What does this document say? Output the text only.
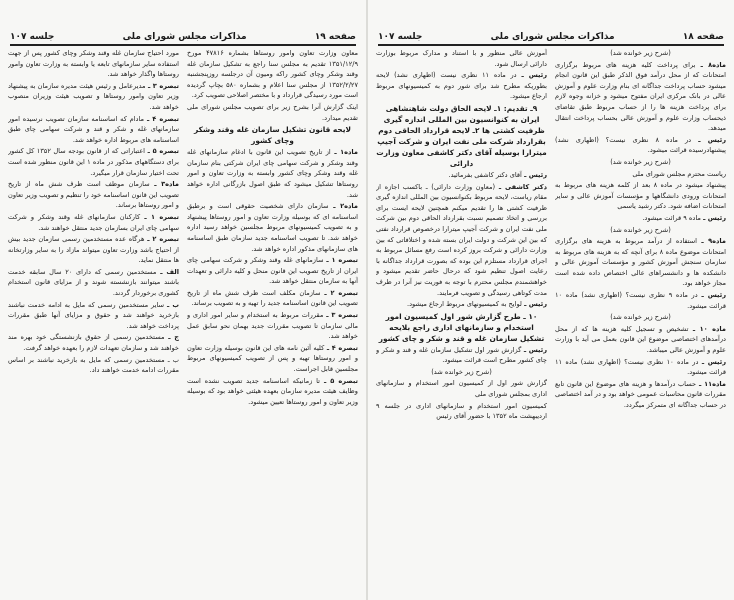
صفحه ۱۹
مذاکرات مجلس شورای ملی
جلسه ۱۰۷

معاون وزارت تعاون وامور روستاها بشماره ۴۷۸۱۶ مورخ ۱۳۵۱/۱۲/۹ تقدیم به مجلس سنا راجع به تشکیل سازمان غله وقند وشکر وچای کشور راکه ومیون آن درجلسه روزپنجشنبه ۱۳۵۲/۲/۲۷ از مجلس سنا اعلام و بشماره ۵۸۰ بچاپ گردیده است مورد رسیدگی قرارداد و با مختصر اصلاحی تصویب کرد.

اینک گزارش آنرا بشرح زیر برای تصویب مجلس شورای ملی تقدیم میدارد.

لایحه قانون تشکیل سازمان غله وقند وشکر وچای کشور

ماده۱ ـ از تاریخ تصویب این قانون با ادغام سازمانهای غله وقند وشکر و شرکت سهامی چای ایران شرکتی بنام سازمان غله وقند وشکر وچای کشور وابسته به وزارت تعاون و امور روستاها تشکیل میشود که طبق اصول بازرگانی اداره خواهد شد.

ماده۲ ـ سازمان دارای شخصیت حقوقی است و برطبق اساسنامه ای که بوسیله وزارت تعاون و امور روستاها پیشنهاد و به تصویب کمیسیونهای مربوط مجلسین خواهد رسید اداره خواهد شد. تا تصویب اساسنامه جدید سازمان طبق اساسنامه های سازمانهای مذکور اداره خواهد شد.

تبصره ۱ ـ سازمانهای غله وقند وشکر و شرکت سهامی چای ایران از تاریخ تصویب این قانون منحل و کلیه دارائی و تعهدات آنها به سازمان منتقل خواهد شد.

تبصره ۲ ـ سازمان مکلف است ظرف شش ماه از تاریخ تصویب این قانون اساسنامه جدید را تهیه و به تصویب برساند.

تبصره ۳ ـ مقررات مربوط به استخدام و سایر امور اداری و مالی سازمان تا تصویب مقررات جدید بهمان نحو سابق عمل خواهد شد.

تبصره ۴ ـ کلیه آئین نامه های این قانون بوسیله وزارت تعاون و امور روستاها تهیه و پس از تصویب کمیسیونهای مربوط مجلسین قابل اجراست.

تبصره ۵ ـ تا زمانیکه اساسنامه جدید تصویب نشده است وظایف هیئت مدیره سازمان بعهده هیئتی خواهد بود که بوسیله وزیر تعاون و امور روستاها تعیین میشود.

مورد احتیاج سازمان غله وقند وشکر وچای کشور پس از جهت استفاده سایر سازمانهای تابعه یا وابسته به وزارت تعاون وامور روستاها واگذار خواهد شد.

تبصره ۳ ـ مدیرعامل و رئیس هیئت مدیره سازمان به پیشنهاد وزیر تعاون وامور روستاها و تصویب هیئت وزیران منصوب خواهد شد.

تبصره ۴ ـ مادام که اساسنامه سازمان تصویب نرسیده امور سازمانهای غله و شکر و قند و شرکت سهامی چای طبق اساسنامه های مربوط اداره خواهد شد.

تبصره ۵ ـ اعتباراتی که از قانون بودجه سال ۱۳۵۲ کل کشور برای دستگاههای مذکور در ماده ۱ این قانون منظور شده است تحت اختیار سازمان قرار میگیرد.

ماده۳ ـ سازمان موظف است ظرف شش ماه از تاریخ تصویب این قانون اساسنامه خود را تنظیم و تصویب وزیر تعاون و امور روستاها برساند.

تبصره ۱ ـ کارکنان سازمانهای غله وقند وشکر و شرکت سهامی چای ایران بسازمان جدید منتقل خواهند شد.

تبصره ۲ ـ هرگاه عده مستخدمین رسمی سازمان جدید بیش از احتیاج باشد وزارت تعاون میتواند مازاد را به سایر وزارتخانه ها منتقل نماید.

الف ـ مستخدمین رسمی که دارای ۲۰ سال سابقه خدمت باشند میتوانند بازنشسته شوند و از مزایای قانون استخدام کشوری برخوردار گردند.

ب ـ سایر مستخدمین رسمی که مایل به ادامه خدمت نباشند بازخرید خواهند شد و حقوق و مزایای آنها طبق مقررات پرداخت خواهد شد.

ج ـ مستخدمین رسمی از حقوق بازنشستگی خود بهره مند خواهند شد و سازمان تعهدات لازم را بعهده خواهد گرفت.

ب ـ مستخدمین رسمی که مایل به بازخرید نباشند بر اساس مقررات ادامه خدمت خواهند داد.

صفحه ۱۸
مذاکرات مجلس شورای ملی
جلسه ۱۰۷

(شرح زیر خوانده شد)

ماده۸ ـ برای پرداخت کلیه هزینه های مربوط برگزاری امتحانات که از محل درآمد فوق الذکر طبق این قانون انجام میشود حساب پرداخت جداگانه ای بنام وزارت علوم و آموزش عالی در بانک مرکزی ایران مفتوح میشود و خزانه وجوه لازم برای پرداخت هزینه ها را از حساب مربوط طبق تقاضای ذیحساب وزارت علوم و آموزش عالی بحساب پرداخت انتقال میدهد.

رئیس ـ در ماده ۸ نظری نیست؟ (اظهاری نشد) پیشنهادرسیده قرائت میشود.

(شرح زیر خوانده شد)

ریاست محترم مجلس شورای ملی

پیشنهاد میشود در ماده ۸ بعد از کلمه هزینه های مربوط به امتحانات ورودی دانشگاهها و مؤسسات آموزش عالی و سایر امتحانات اضافه شود. دکتر رشید یاسمی

رئیس ـ ماده ۹ قرائت میشود.

(شرح زیر خوانده شد)

ماده۹ ـ استفاده از درآمد مربوط به هزینه های برگزاری امتحانات موضوع ماده ۸ برای آنچه که به هزینه های مربوط به سازمان سنجش آموزش کشور و مؤسسات آموزش عالی و دانشکده ها و دانشسراهای عالی اختصاص داده شده است مجاز خواهد بود.

رئیس ـ در ماده ۹ نظری نیست؟ (اظهاری نشد) ماده ۱۰ قرائت میشود.

(شرح زیر خوانده شد)

ماده ۱۰ ـ تشخیص و تسجیل کلیه هزینه ها که از محل درآمدهای اختصاصی موضوع این قانون بعمل می آید با وزارت علوم و آموزش عالی میباشد.

رئیس ـ در ماده ۱۰ نظری نیست؟ (اظهاری نشد) ماده ۱۱ قرائت میشود.

ماده۱۱ ـ حساب درآمدها و هزینه های موضوع این قانون تابع مقررات قانون محاسبات عمومی خواهد بود و در آمد اختصاصی در حساب جداگانه ای متمرکز میگردد.

آموزش عالی منظور و با استناد و مدارک مربوط بوزارت دارائی ارسال شود.

رئیس ـ در ماده ۱۱ نظری نیست (اظهاری نشد) لایحه بطوریکه مطرح شد برای شور دوم به کمیسیونهای مربوط ارجاع میشود.

۹ـ تقدیم: ۱ـ لایحه الحاق دولت شاهنشاهی ایران به کنوانسیون بین المللی اندازه گیری ظرفیت کشتی ها ۲ـ لایحه قرارداد الحاقی دوم بقرارداد شرکت ملی نفت ایران و شرکت آجیپ میترارا بوسیله آقای دکتر کاشفی معاون وزارت دارائی

رئیس ـ آقای دکتر کاشفی بفرمائید.

دکتر کاشفی ـ (معاون وزارت دارائی) ـ باکسب اجازه از مقام ریاست، لایحه مربوط بکنوانسیون بین المللی اندازه گیری ظرفیت کشتی ها را تقدیم میکنم همچنین لایحه ایست برای بررسی و اتخاذ تصمیم نسبت بقرارداد الحاقی دوم بین شرکت ملی نفت ایران و شرکت آجیپ میترارا درخصوص قرارداد نفتی که بین این شرکت و دولت ایران بسته شده و اختلافاتی که بین وزارت دارائی و شرکت بروز کرده است رفع مسائل مربوط به اجرای قرارداد مستلزم این بوده که بصورت قرارداد جداگانه با رعایت اصول تنظیم شود که درحال حاضر تقدیم میشود و خواهشمندم مجلس محترم با توجه به فوریت نیز آنرا در ظرف مدت کوتاهی رسیدگی و تصویب فرمایند.

رئیس ـ لوایح به کمیسیونهای مربوط ارجاع میشود.

۱۰ ـ طرح گزارش شور اول کمیسیون امور استخدام و سازمانهای اداری راجع بلایحه تشکیل سازمان غله و قند و شکر و چای کشور

رئیس ـ گزارش شور اول تشکیل سازمان غله و قند و شکر و چای کشور مطرح است قرائت میشود.

(شرح زیر خوانده شد)

گزارش شور اول از کمیسیون امور استخدام و سازمانهای اداری بمجلس شورای ملی

کمیسیون امور استخدام و سازمانهای اداری در جلسه ۹ اردیبهشت ماه ۱۳۵۲ با حضور آقای رئیس
